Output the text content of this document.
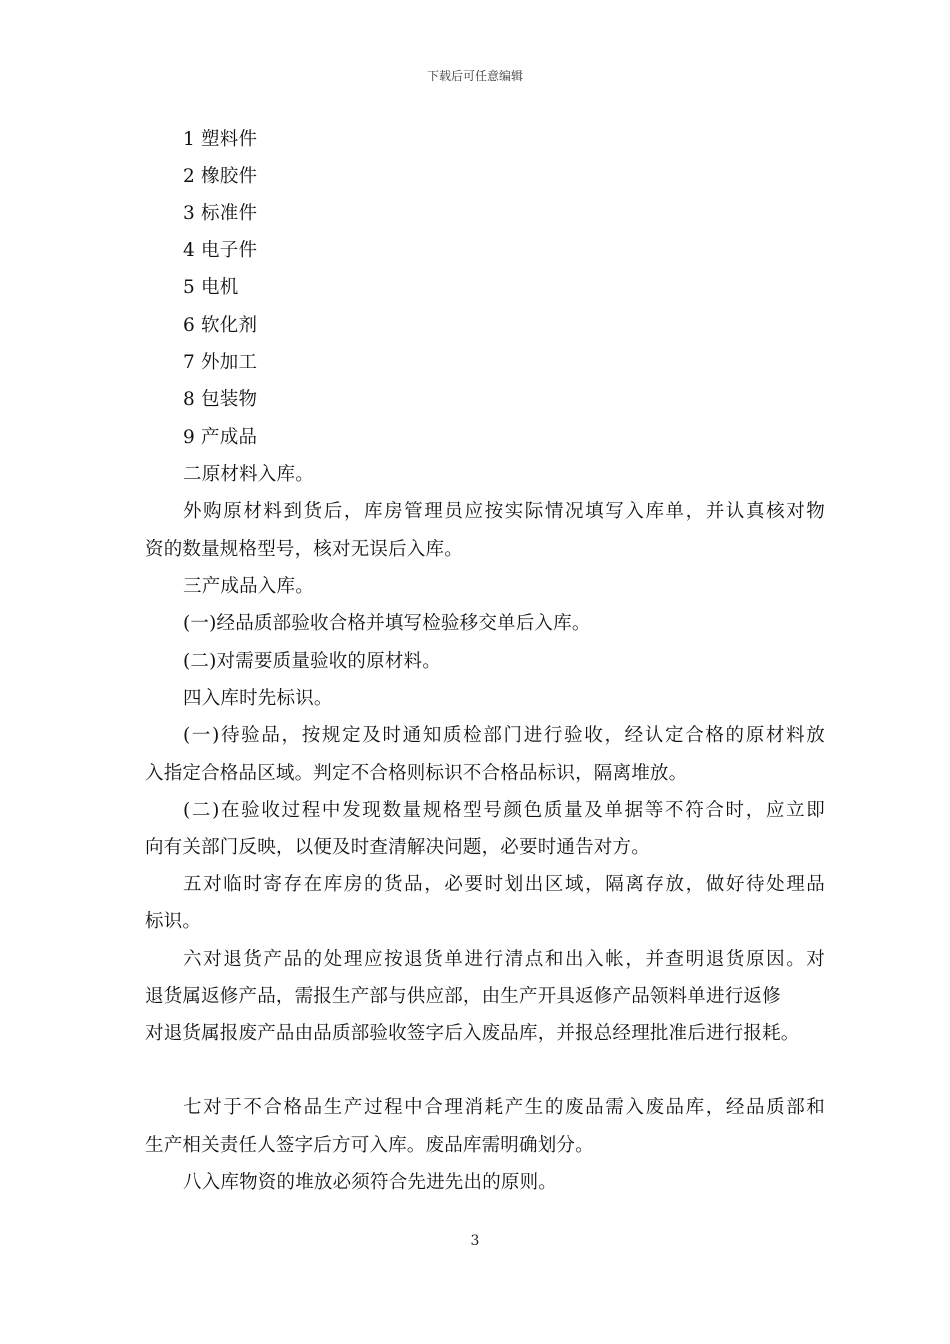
下载后可任意编辑
1 塑料件
2 橡胶件
3 标准件
4 电子件
5 电机
6 软化剂
7 外加工
8 包装物
9 产成品
二原材料入库。
外购原材料到货后，库房管理员应按实际情况填写入库单，并认真核对物
资的数量规格型号，核对无误后入库。
三产成品入库。
(一)经品质部验收合格并填写检验移交单后入库。
(二)对需要质量验收的原材料。
四入库时先标识。
(一)待验品，按规定及时通知质检部门进行验收，经认定合格的原材料放
入指定合格品区域。判定不合格则标识不合格品标识，隔离堆放。
(二)在验收过程中发现数量规格型号颜色质量及单据等不符合时，应立即
向有关部门反映，以便及时查清解决问题，必要时通告对方。
五对临时寄存在库房的货品，必要时划出区域，隔离存放，做好待处理品
标识。
六对退货产品的处理应按退货单进行清点和出入帐，并查明退货原因。对
退货属返修产品，需报生产部与供应部，由生产开具返修产品领料单进行返修
对退货属报废产品由品质部验收签字后入废品库，并报总经理批准后进行报耗。
七对于不合格品生产过程中合理消耗产生的废品需入废品库，经品质部和
生产相关责任人签字后方可入库。废品库需明确划分。
八入库物资的堆放必须符合先进先出的原则。
3
